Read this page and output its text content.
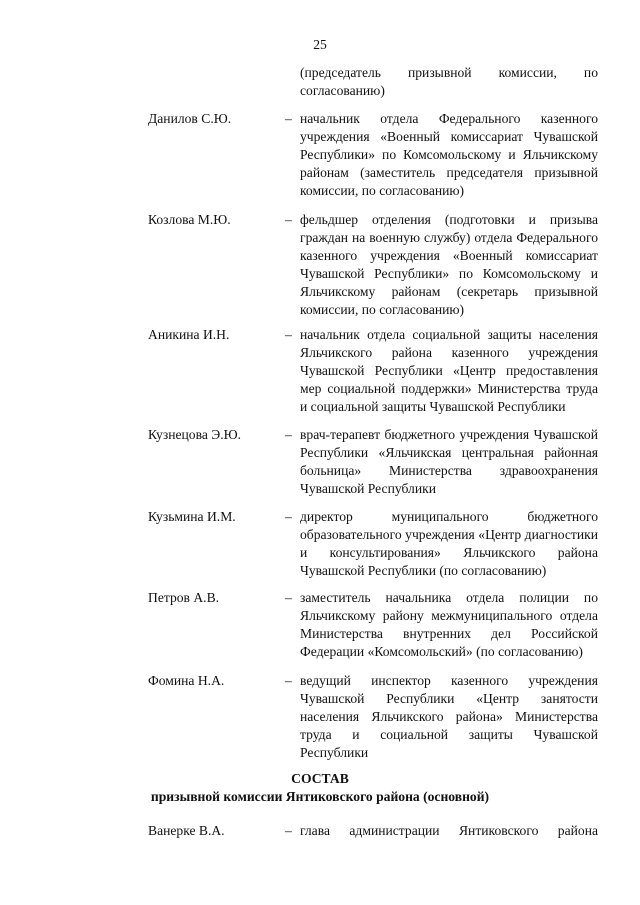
25
(председатель призывной комиссии, по согласованию)
Данилов С.Ю.	– начальник отдела Федерального казенного учреждения «Военный комиссариат Чувашской Республики» по Комсомольскому и Яльчикскому районам (заместитель председателя призывной комиссии, по согласованию)
Козлова М.Ю.	– фельдшер отделения (подготовки и призыва граждан на военную службу) отдела Федерального казенного учреждения «Военный комиссариат Чувашской Республики» по Комсомольскому и Яльчикскому районам (секретарь призывной комиссии, по согласованию)
Аникина И.Н.	– начальник отдела социальной защиты населения Яльчикского района казенного учреждения Чувашской Республики «Центр предоставления мер социальной поддержки» Министерства труда и социальной защиты Чувашской Республики
Кузнецова Э.Ю.	– врач-терапевт бюджетного учреждения Чувашской Республики «Яльчикская центральная районная больница» Министерства здравоохранения Чувашской Республики
Кузьмина И.М.	– директор муниципального бюджетного образовательного учреждения «Центр диагностики и консультирования» Яльчикского района Чувашской Республики (по согласованию)
Петров А.В.	– заместитель начальника отдела полиции по Яльчикскому району межмуниципального отдела Министерства внутренних дел Российской Федерации «Комсомольский» (по согласованию)
Фомина Н.А.	– ведущий инспектор казенного учреждения Чувашской Республики «Центр занятости населения Яльчикского района» Министерства труда и социальной защиты Чувашской Республики
СОСТАВ
призывной комиссии Янтиковского района (основной)
Ванерке В.А.	– глава администрации Янтиковского района
